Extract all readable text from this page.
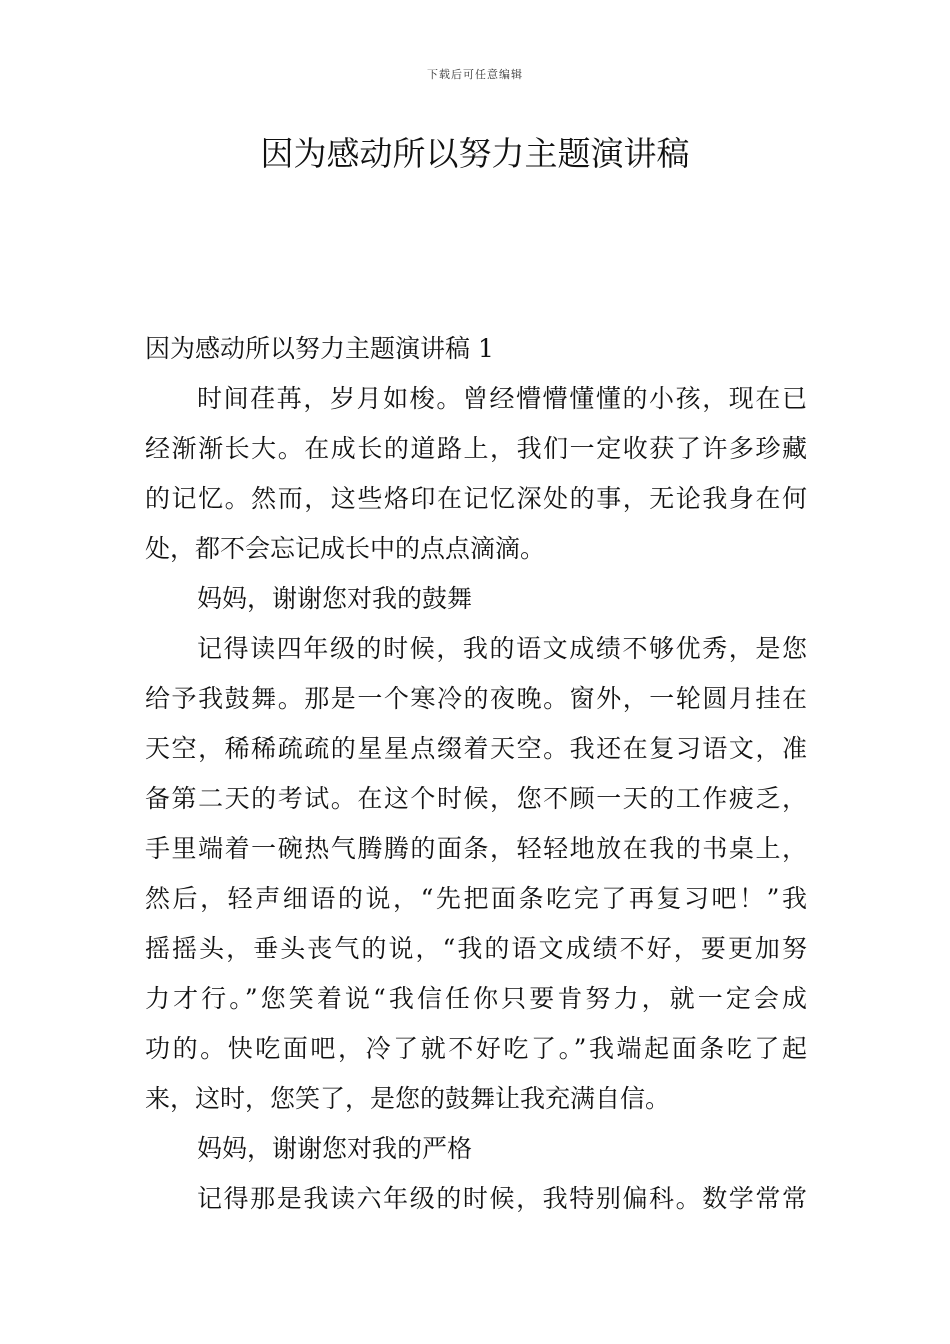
下载后可任意编辑
因为感动所以努力主题演讲稿
因为感动所以努力主题演讲稿 1
时间荏苒，岁月如梭。曾经懵懵懂懂的小孩，现在已
经渐渐长大。在成长的道路上，我们一定收获了许多珍藏
的记忆。然而，这些烙印在记忆深处的事，无论我身在何
处，都不会忘记成长中的点点滴滴。
妈妈，谢谢您对我的鼓舞
记得读四年级的时候，我的语文成绩不够优秀，是您
给予我鼓舞。那是一个寒冷的夜晚。窗外，一轮圆月挂在
天空，稀稀疏疏的星星点缀着天空。我还在复习语文，准
备第二天的考试。在这个时候，您不顾一天的工作疲乏，
手里端着一碗热气腾腾的面条，轻轻地放在我的书桌上，
然后，轻声细语的说，“先把面条吃完了再复习吧！”我
摇摇头，垂头丧气的说，“我的语文成绩不好，要更加努
力才行。”您笑着说“我信任你只要肯努力，就一定会成
功的。快吃面吧，冷了就不好吃了。”我端起面条吃了起
来，这时，您笑了，是您的鼓舞让我充满自信。
妈妈，谢谢您对我的严格
记得那是我读六年级的时候，我特别偏科。数学常常
